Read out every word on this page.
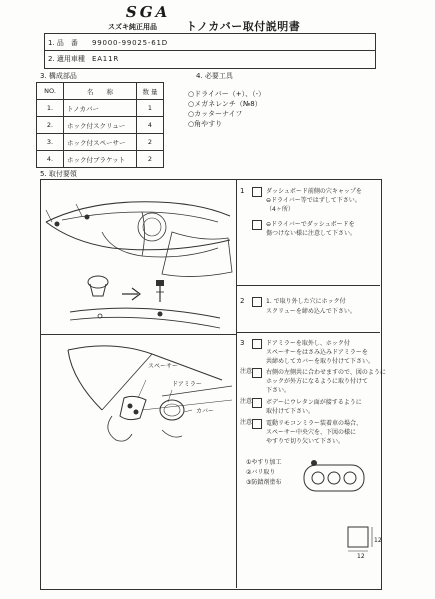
SGA
スズキ純正用品	トノカバー取付説明書
1. 品　番 99000-99025-61D
2. 適用車種 EA11R
3. 構成部品
NO.	名　　称	数 量
1.	トノカバー	1
2.	ホック付スクリュー	4
3.	ホック付スペーサー	2
4.	ホック付ブラケット	2
4. 必要工具
○ドライバー（+）、（-）
○メガネレンチ（№8）
○カッターナイフ
○角やすり
5. 取付要領
1	ダッシュボード前側の穴キャップを
⊖ドライバー等ではずして下さい。
（4ヶ所）
⊖ドライバーでダッシュボードを
傷つけない様に注意して下さい。
2	1. で取り外した穴にホック付
スクリューを締め込んで下さい。
3	ドアミラーを取外し、ホック付
スペーサーをはさみ込みドアミラーを
共締めしてカバーを取り付けて下さい。
注意 右側の左側共に合わせますので、図のように
ホックが外方になるように取り付けて
下さい。
注意 ボデーにウレタン面が接するように
取付けて下さい。
注意 電動リモコンミラー装着車の場合、
スペーサー中央穴を、下図の様に
やすりで切り欠いて下さい。
①やすり加工
②バリ取り
③防錆剤塗布
12
12
スペーサー
ドアミラー
カバー
